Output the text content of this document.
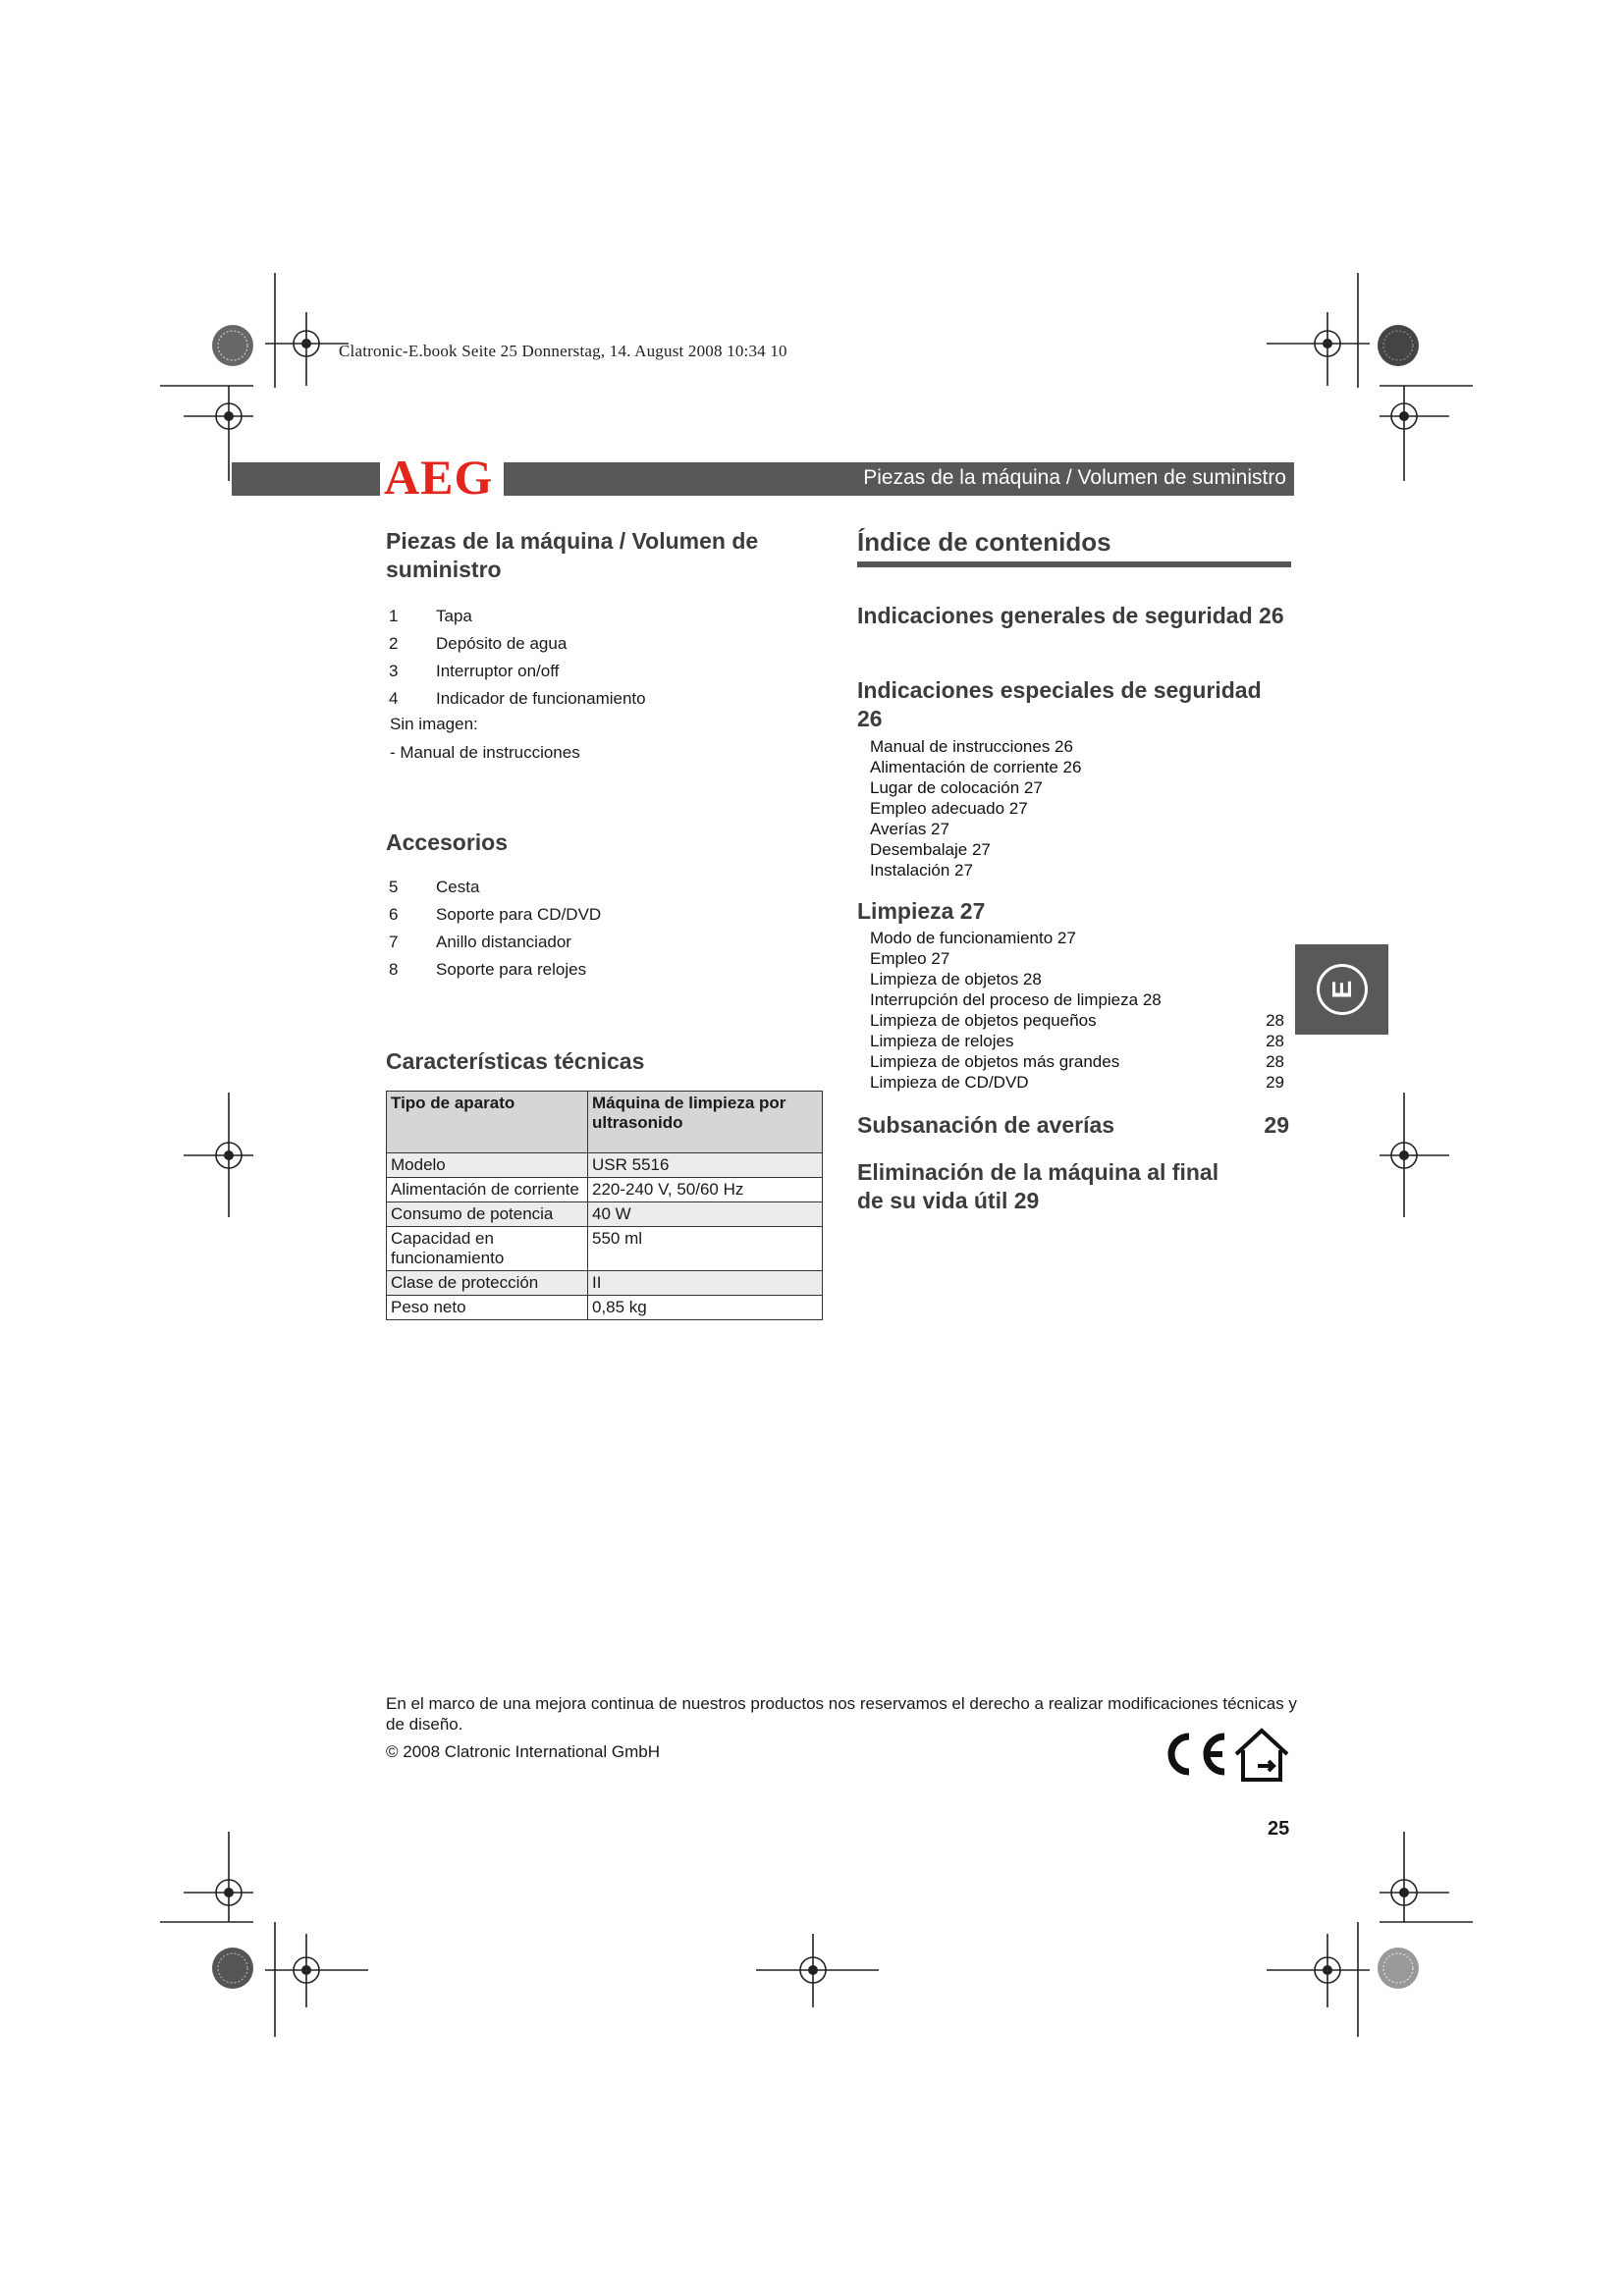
Clatronic-E.book Seite 25 Donnerstag, 14. August 2008 10:34 10
Piezas de la máquina / Volumen de suministro
AEG
Piezas de la máquina / Volumen de suministro
1	Tapa
2	Depósito de agua
3	Interruptor on/off
4	Indicador de funcionamiento
Sin imagen:
- Manual de instrucciones
Accesorios
5	Cesta
6	Soporte para CD/DVD
7	Anillo distanciador
8	Soporte para relojes
Características técnicas
Tipo de aparato	Máquina de limpieza por ultrasonido
Modelo	USR 5516
Alimentación de corriente	220-240 V, 50/60 Hz
Consumo de potencia	40 W
Capacidad en funcionamiento	550 ml
Clase de protección	II
Peso neto	0,85 kg
Índice de contenidos
Indicaciones generales de seguridad 26
Indicaciones especiales de seguridad 26
Manual de instrucciones 26
Alimentación de corriente 26
Lugar de colocación 27
Empleo adecuado 27
Averías 27
Desembalaje 27
Instalación 27
Limpieza 27
Modo de funcionamiento 27
Empleo 27
Limpieza de objetos 28
Interrupción del proceso de limpieza 28
Limpieza de objetos pequeños	28
Limpieza de relojes	28
Limpieza de objetos más grandes	28
Limpieza de CD/DVD	29
Subsanación de averías	29
Eliminación de la máquina al final de su vida útil 29
E
En el marco de una mejora continua de nuestros productos nos reservamos el derecho a realizar modificaciones técnicas y de diseño.
© 2008 Clatronic International GmbH
25
